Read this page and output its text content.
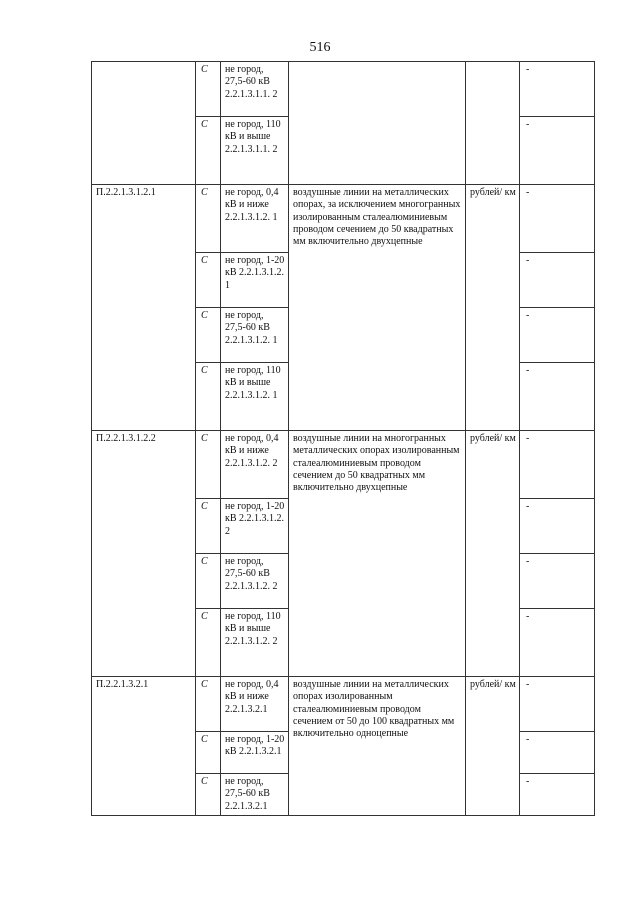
516
	С	не город, 27,5-60 кВ 2.2.1.3.1.1. 2			-
	С	не город, 110 кВ и выше 2.2.1.3.1.1. 2			-
П.2.2.1.3.1.2.1	С	не город, 0,4 кВ и ниже 2.2.1.3.1.2. 1	воздушные линии на металлических опорах, за исключением многогранных изолированным сталеалюминиевым проводом сечением до 50 квадратных мм включительно двухцепные	рублей/ км	-
	С	не город, 1-20 кВ 2.2.1.3.1.2. 1			-
	С	не город, 27,5-60 кВ 2.2.1.3.1.2. 1			-
	С	не город, 110 кВ и выше 2.2.1.3.1.2. 1			-
П.2.2.1.3.1.2.2	С	не город, 0,4 кВ и ниже 2.2.1.3.1.2. 2	воздушные линии на многогранных металлических опорах изолированным сталеалюминиевым проводом сечением до 50 квадратных мм включительно двухцепные	рублей/ км	-
	С	не город, 1-20 кВ 2.2.1.3.1.2. 2			-
	С	не город, 27,5-60 кВ 2.2.1.3.1.2. 2			-
	С	не город, 110 кВ и выше 2.2.1.3.1.2. 2			-
П.2.2.1.3.2.1	С	не город, 0,4 кВ и ниже 2.2.1.3.2.1	воздушные линии на металлических опорах изолированным сталеалюминиевым проводом сечением от 50 до 100 квадратных мм включительно одноцепные	рублей/ км	-
	С	не город, 1-20 кВ 2.2.1.3.2.1			-
	С	не город, 27,5-60 кВ 2.2.1.3.2.1			-
